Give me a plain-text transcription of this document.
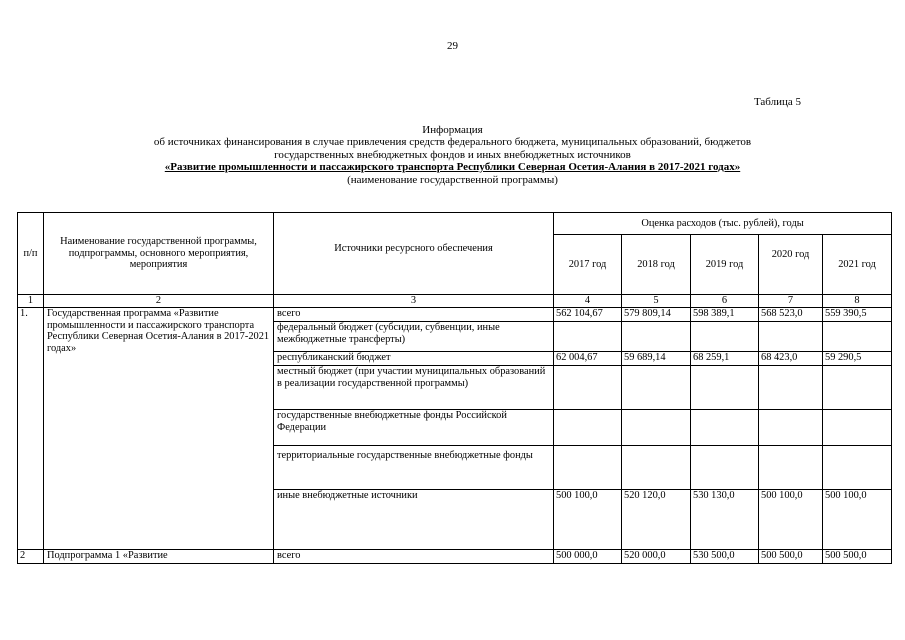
29
Таблица 5
Информация
об источниках финансирования в случае привлечения средств федерального бюджета, муниципальных образований, бюджетов
государственных внебюджетных фондов и иных внебюджетных источников
«Развитие промышленности и пассажирского транспорта Республики Северная Осетия-Алания в 2017-2021 годах»
(наименование государственной программы)
п/п	Наименование государственной программы, подпрограммы, основного мероприятия, мероприятия	Источники ресурсного обеспечения	Оценка расходов (тыс. рублей), годы				
			2017 год	2018 год	2019 год	2020 год	2021 год
1	2	3	4	5	6	7	8
1.	Государственная программа «Развитие промышленности и пассажирского транспорта Республики Северная Осетия-Алания в 2017-2021 годах»	всего	562 104,67	579 809,14	598 389,1	568 523,0	559 390,5
		федеральный бюджет (субсидии, субвенции, иные межбюджетные трансферты)					
		республиканский бюджет	62 004,67	59 689,14	68 259,1	68 423,0	59 290,5
		местный бюджет (при участии муниципальных образований в реализации государственной программы)					
		государственные внебюджетные фонды Российской Федерации					
		территориальные государственные внебюджетные фонды					
		иные внебюджетные источники	500 100,0	520 120,0	530 130,0	500 100,0	500 100,0
2	Подпрограмма 1 «Развитие	всего	500 000,0	520 000,0	530 500,0	500 500,0	500 500,0
